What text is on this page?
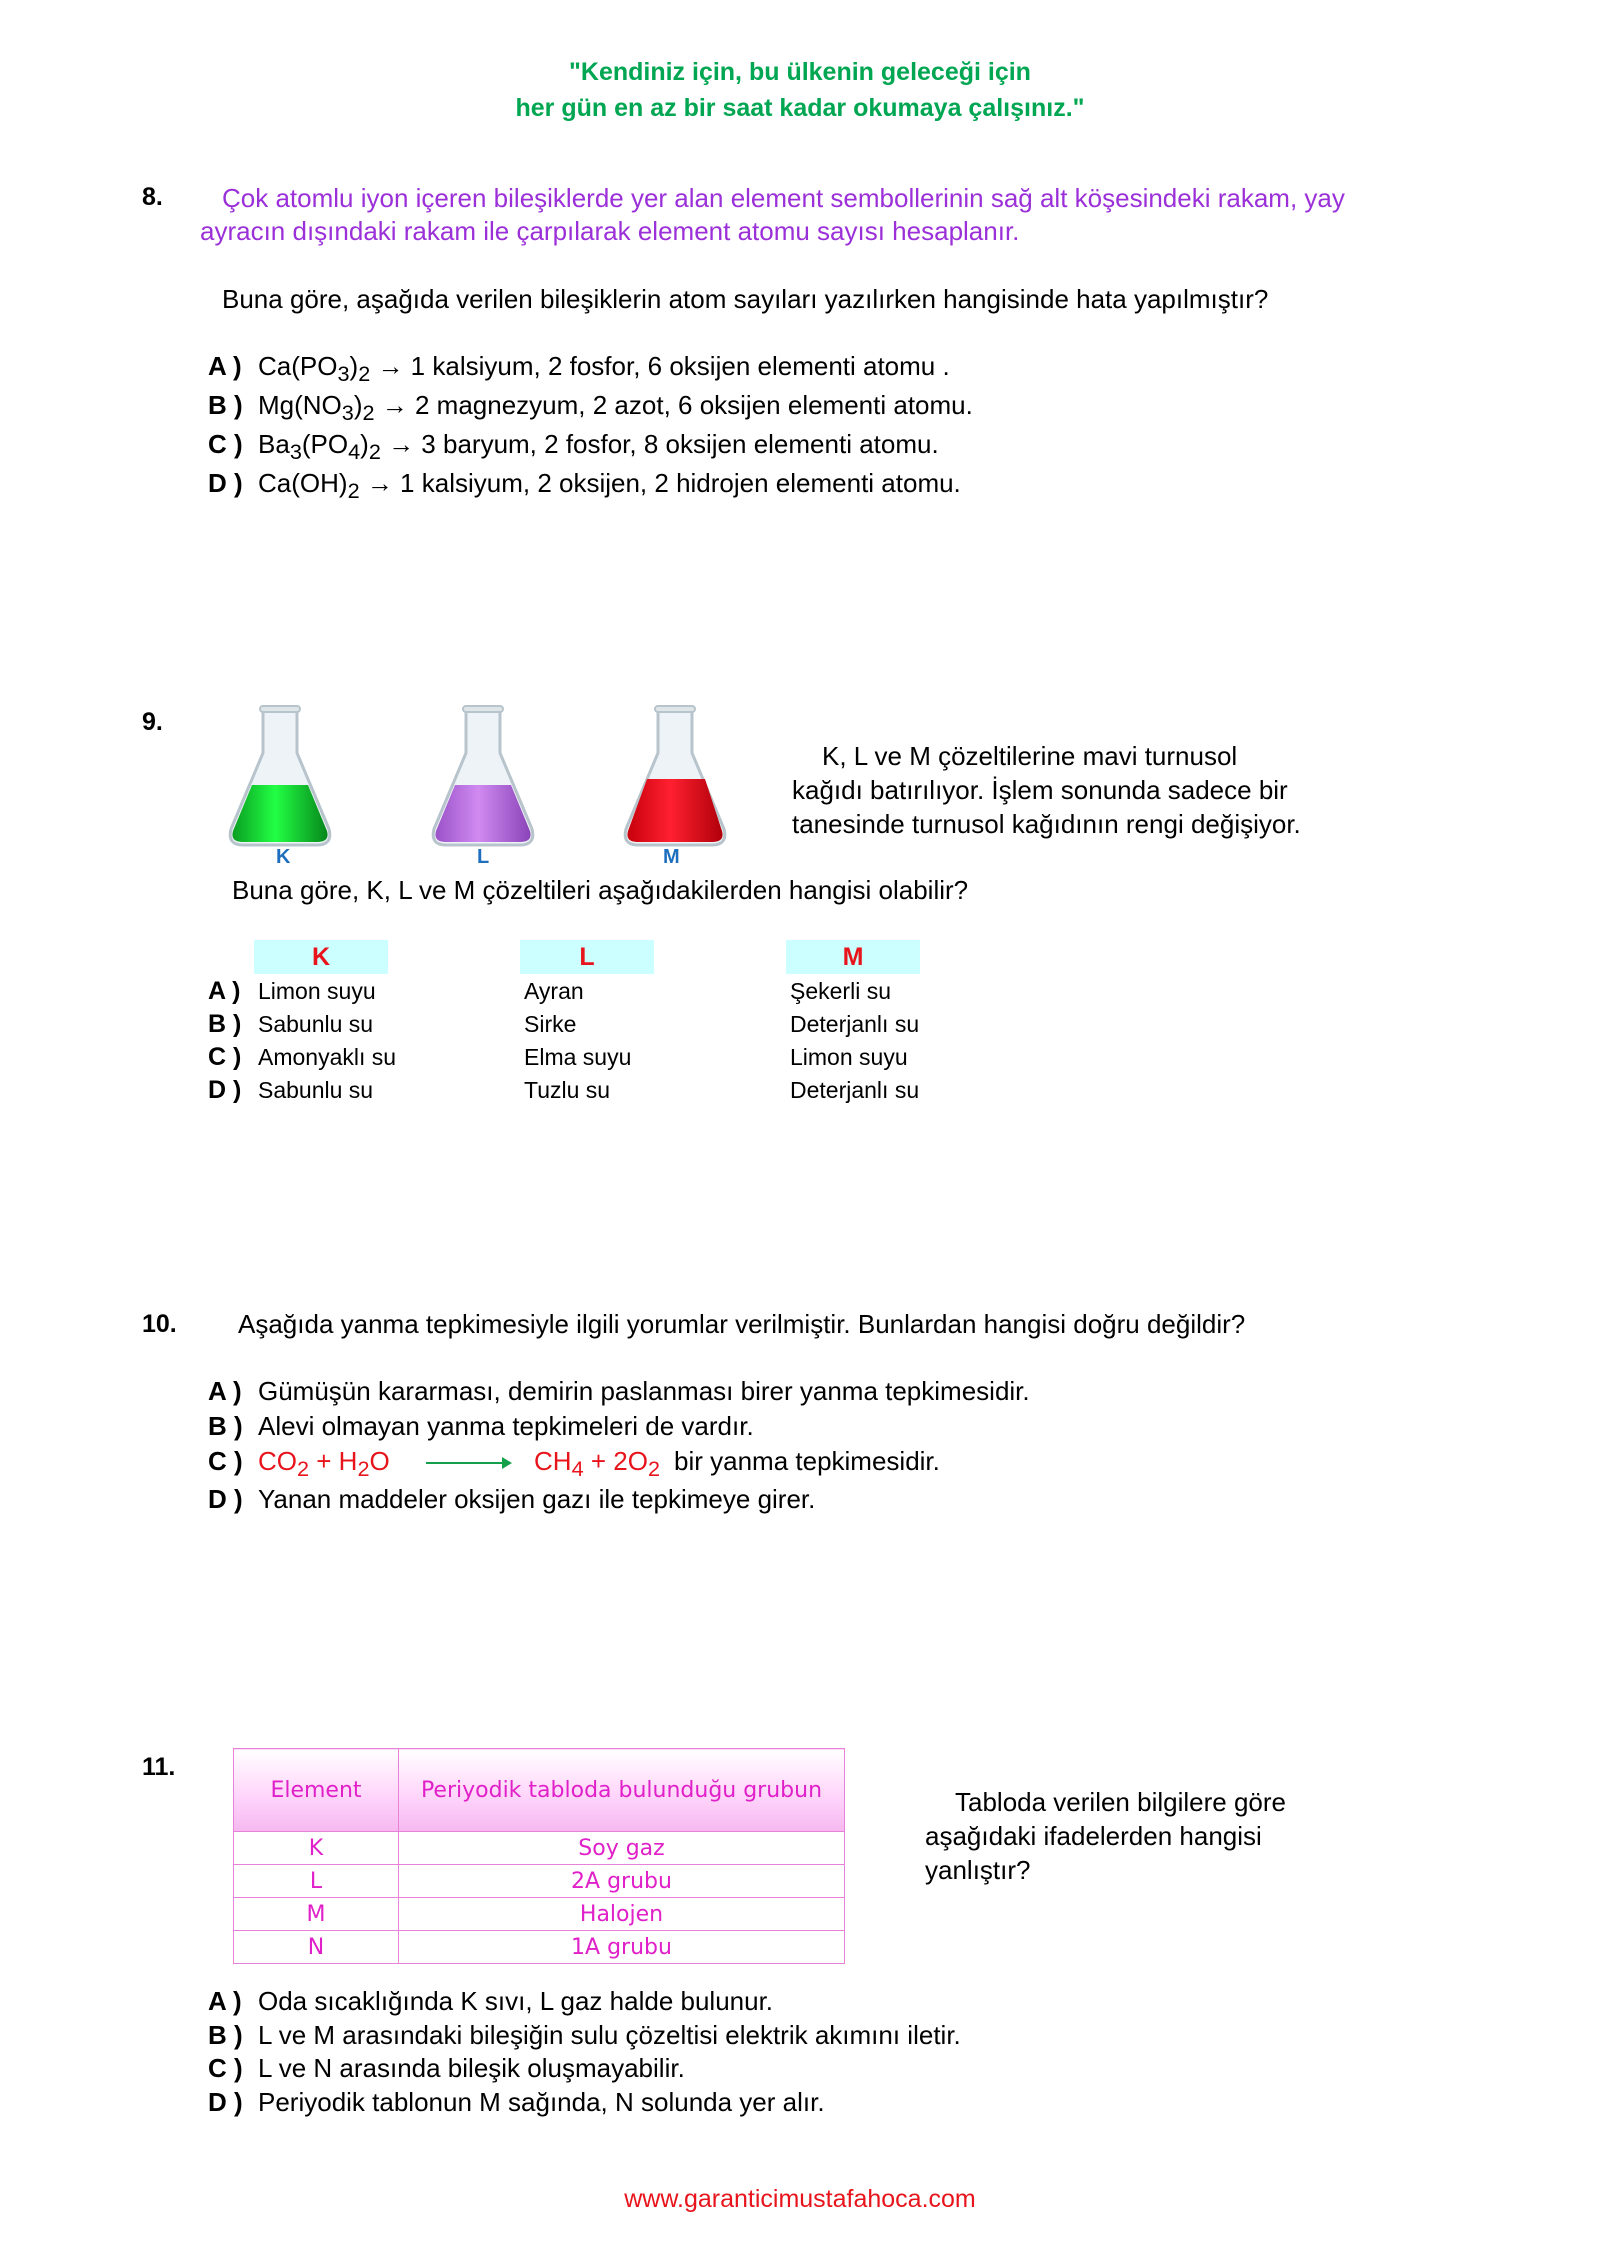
"Kendiniz için, bu ülkenin geleceği için
her gün en az bir saat kadar okumaya çalışınız."
8. Çok atomlu iyon içeren bileşiklerde yer alan element sembollerinin sağ alt köşesindeki rakam, yay
ayracın dışındaki rakam ile çarpılarak element atomu sayısı hesaplanır.
Buna göre, aşağıda verilen bileşiklerin atom sayıları yazılırken hangisinde hata yapılmıştır?
A ) $Ca(PO_3)_2 \to 1$ kalsiyum, 2 fosfor, 6 oksijen elementi atomu .
B ) $Mg(NO_3)_2 \to 2$ magnezyum, 2 azot, 6 oksijen elementi atomu.
C ) $Ba_3(PO_4)_2 \to 3$ baryum, 2 fosfor, 8 oksijen elementi atomu.
D ) $Ca(OH)_2 \to 1$ kalsiyum, 2 oksijen, 2 hidrojen elementi atomu.
9.
K	L	M
K, L ve M çözeltilerine mavi turnusol
kağıdı batırılıyor. İşlem sonunda sadece bir
tanesinde turnusol kağıdının rengi değişiyor.
Buna göre, K, L ve M çözeltileri aşağıdakilerden hangisi olabilir?
K	L	M
A ) Limon suyu	Ayran	Şekerli su
B ) Sabunlu su	Sirke	Deterjanlı su
C ) Amonyaklı su	Elma suyu	Limon suyu
D ) Sabunlu su	Tuzlu su	Deterjanlı su
10. Aşağıda yanma tepkimesiyle ilgili yorumlar verilmiştir. Bunlardan hangisi doğru değildir?
A ) Gümüşün kararması, demirin paslanması birer yanma tepkimesidir.
B ) Alevi olmayan yanma tepkimeleri de vardır.
C ) $CO_2 + H_2O \to CH_4 + 2O_2$ bir yanma tepkimesidir.
D ) Yanan maddeler oksijen gazı ile tepkimeye girer.
11.
Element	Periyodik tabloda bulunduğu grubun
K	Soy gaz
L	2A grubu
M	Halojen
N	1A grubu
Tabloda verilen bilgilere göre
aşağıdaki ifadelerden hangisi
yanlıştır?
A ) Oda sıcaklığında K sıvı, L gaz halde bulunur.
B ) L ve M arasındaki bileşiğin sulu çözeltisi elektrik akımını iletir.
C ) L ve N arasında bileşik oluşmayabilir.
D ) Periyodik tablonun M sağında, N solunda yer alır.
www.garanticimustafahoca.com
